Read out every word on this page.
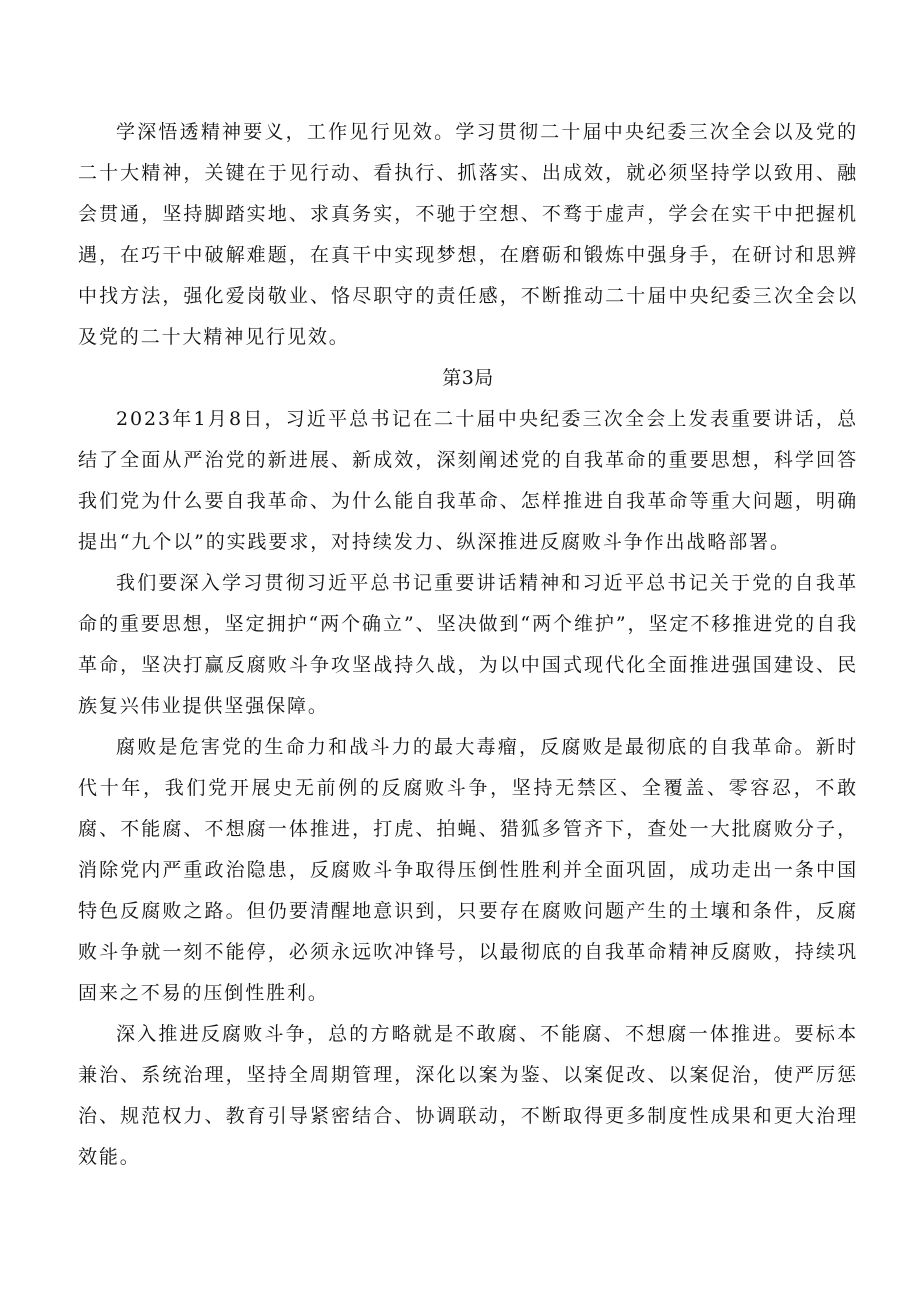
学深悟透精神要义，工作见行见效。学习贯彻二十届中央纪委三次全会以及党的二十大精神，关键在于见行动、看执行、抓落实、出成效，就必须坚持学以致用、融会贯通，坚持脚踏实地、求真务实，不驰于空想、不骛于虚声，学会在实干中把握机遇，在巧干中破解难题，在真干中实现梦想，在磨砺和锻炼中强身手，在研讨和思辨中找方法，强化爱岗敬业、恪尽职守的责任感，不断推动二十届中央纪委三次全会以及党的二十大精神见行见效。

第3局

2023年1月8日，习近平总书记在二十届中央纪委三次全会上发表重要讲话，总结了全面从严治党的新进展、新成效，深刻阐述党的自我革命的重要思想，科学回答我们党为什么要自我革命、为什么能自我革命、怎样推进自我革命等重大问题，明确提出“九个以”的实践要求，对持续发力、纵深推进反腐败斗争作出战略部署。

我们要深入学习贯彻习近平总书记重要讲话精神和习近平总书记关于党的自我革命的重要思想，坚定拥护“两个确立”、坚决做到“两个维护”，坚定不移推进党的自我革命，坚决打赢反腐败斗争攻坚战持久战，为以中国式现代化全面推进强国建设、民族复兴伟业提供坚强保障。

腐败是危害党的生命力和战斗力的最大毒瘤，反腐败是最彻底的自我革命。新时代十年，我们党开展史无前例的反腐败斗争，坚持无禁区、全覆盖、零容忍，不敢腐、不能腐、不想腐一体推进，打虎、拍蝇、猎狐多管齐下，查处一大批腐败分子，消除党内严重政治隐患，反腐败斗争取得压倒性胜利并全面巩固，成功走出一条中国特色反腐败之路。但仍要清醒地意识到，只要存在腐败问题产生的土壤和条件，反腐败斗争就一刻不能停，必须永远吹冲锋号，以最彻底的自我革命精神反腐败，持续巩固来之不易的压倒性胜利。

深入推进反腐败斗争，总的方略就是不敢腐、不能腐、不想腐一体推进。要标本兼治、系统治理，坚持全周期管理，深化以案为鉴、以案促改、以案促治，使严厉惩治、规范权力、教育引导紧密结合、协调联动，不断取得更多制度性成果和更大治理效能。
